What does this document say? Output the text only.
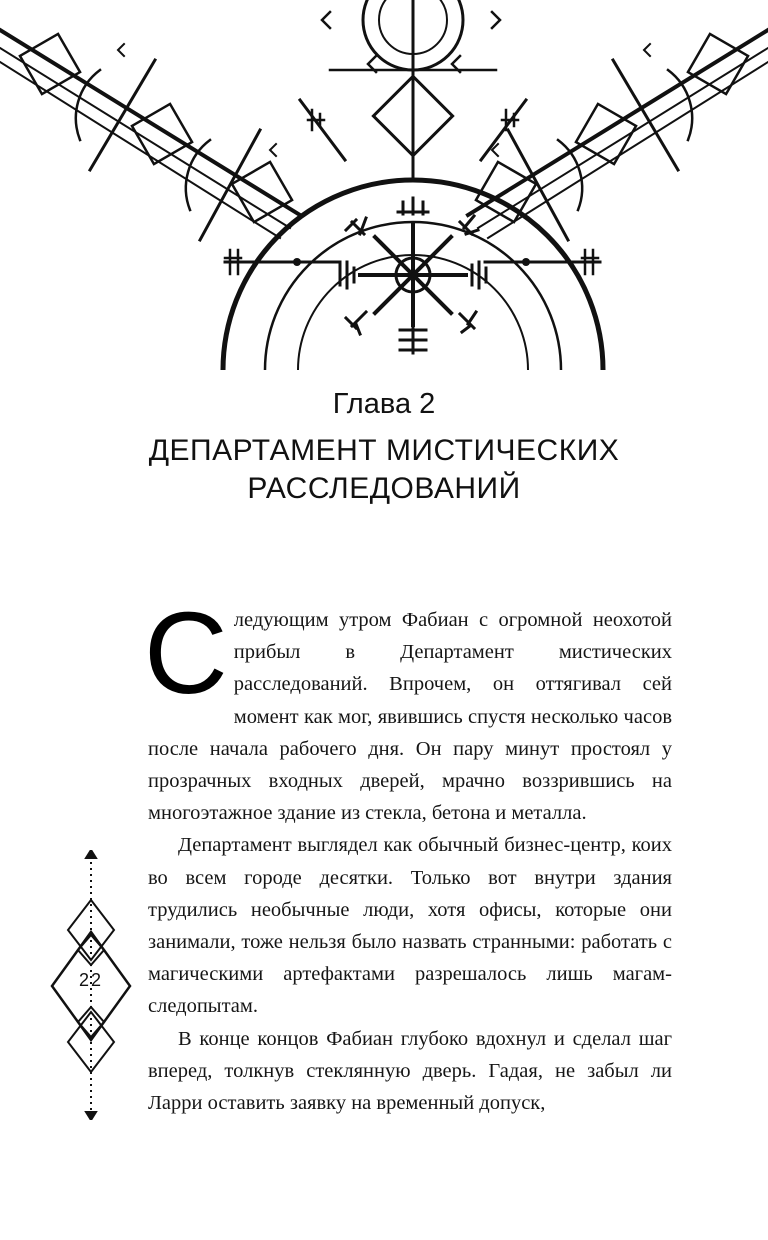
Глава 2
ДЕПАРТАМЕНТ МИСТИЧЕСКИХ
РАССЛЕДОВАНИЙ

Следующим утром Фабиан с огромной неохотой прибыл в Департамент мистических расследований. Впрочем, он оттягивал сей момент как мог, явившись спустя несколько часов после начала рабочего дня. Он пару минут простоял у прозрачных входных дверей, мрачно воззрившись на многоэтажное здание из стекла, бетона и металла.

Департамент выглядел как обычный бизнес-центр, коих во всем городе десятки. Только вот внутри здания трудились необычные люди, хотя офисы, которые они занимали, тоже нельзя было назвать странными: работать с магическими артефактами разрешалось лишь магам-следопытам.

В конце концов Фабиан глубоко вдохнул и сделал шаг вперед, толкнув стеклянную дверь. Гадая, не забыл ли Ларри оставить заявку на временный допуск,

22
